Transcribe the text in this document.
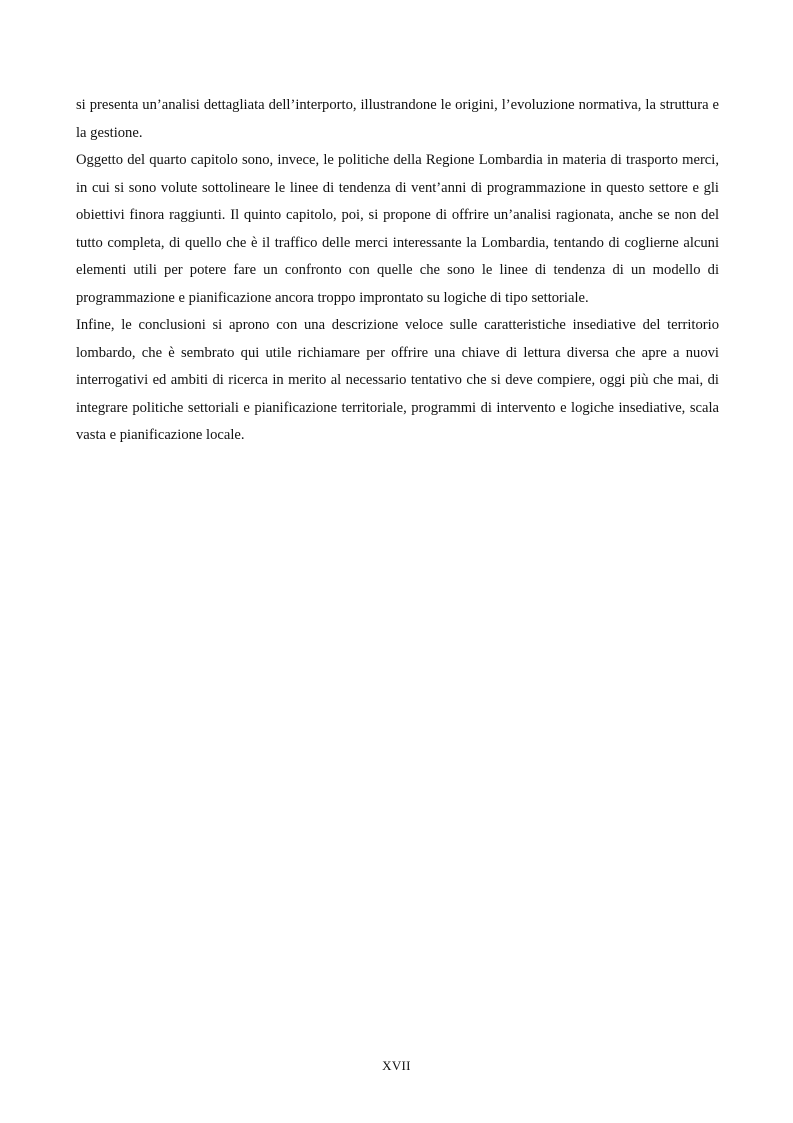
si presenta un’analisi dettagliata dell’interporto, illustrandone le origini, l’evoluzione normativa, la struttura e la gestione.

Oggetto del quarto capitolo sono, invece, le politiche della Regione Lombardia in materia di trasporto merci, in cui si sono volute sottolineare le linee di tendenza di vent’anni di programmazione in questo settore e gli obiettivi finora raggiunti. Il quinto capitolo, poi, si propone di offrire un’analisi ragionata, anche se non del tutto completa, di quello che è il traffico delle merci interessante la Lombardia, tentando di coglierne alcuni elementi utili per potere fare un confronto con quelle che sono le linee di tendenza di un modello di programmazione e pianificazione ancora troppo improntato su logiche di tipo settoriale.

Infine, le conclusioni si aprono con una descrizione veloce sulle caratteristiche insediative del territorio lombardo, che è sembrato qui utile richiamare per offrire una chiave di lettura diversa che apre a nuovi interrogativi ed ambiti di ricerca in merito al necessario tentativo che si deve compiere, oggi più che mai, di integrare politiche settoriali e pianificazione territoriale, programmi di intervento e logiche insediative, scala vasta e pianificazione locale.

XVII
